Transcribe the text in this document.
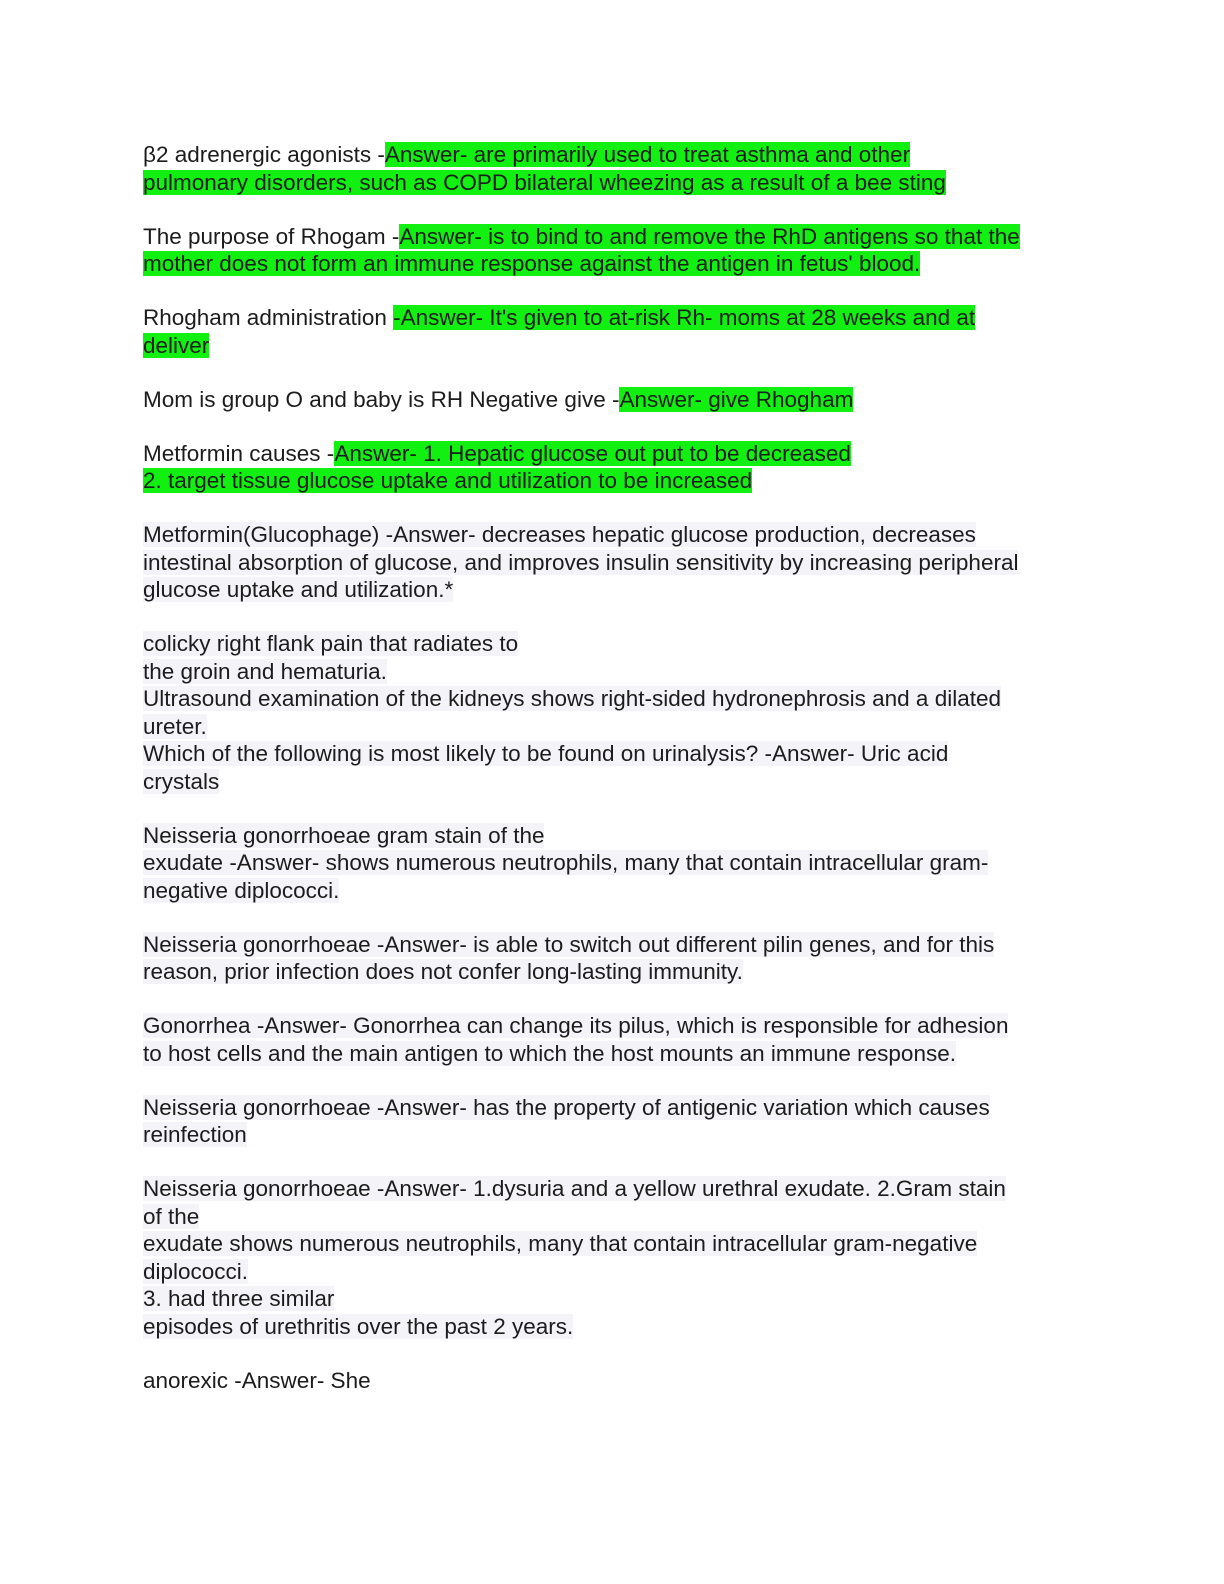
β2 adrenergic agonists -Answer- are primarily used to treat asthma and other
pulmonary disorders, such as COPD bilateral wheezing as a result of a bee sting
The purpose of Rhogam -Answer- is to bind to and remove the RhD antigens so that the
mother does not form an immune response against the antigen in fetus' blood.
Rhogham administration -Answer- It's given to at-risk Rh- moms at 28 weeks and at
deliver
Mom is group O and baby is RH Negative give -Answer- give Rhogham
Metformin causes -Answer- 1. Hepatic glucose out put to be decreased
2. target tissue glucose uptake and utilization to be increased
Metformin(Glucophage) -Answer- decreases hepatic glucose production, decreases
intestinal absorption of glucose, and improves insulin sensitivity by increasing peripheral
glucose uptake and utilization.*
colicky right flank pain that radiates to
the groin and hematuria.
Ultrasound examination of the kidneys shows right-sided hydronephrosis and a dilated
ureter.
Which of the following is most likely to be found on urinalysis? -Answer- Uric acid
crystals
Neisseria gonorrhoeae gram stain of the
exudate -Answer- shows numerous neutrophils, many that contain intracellular gram-
negative diplococci.
Neisseria gonorrhoeae -Answer- is able to switch out different pilin genes, and for this
reason, prior infection does not confer long-lasting immunity.
Gonorrhea -Answer- Gonorrhea can change its pilus, which is responsible for adhesion
to host cells and the main antigen to which the host mounts an immune response.
Neisseria gonorrhoeae -Answer- has the property of antigenic variation which causes
reinfection
Neisseria gonorrhoeae -Answer- 1.dysuria and a yellow urethral exudate. 2.Gram stain
of the
exudate shows numerous neutrophils, many that contain intracellular gram-negative
diplococci.
3. had three similar
episodes of urethritis over the past 2 years.
anorexic -Answer- She
